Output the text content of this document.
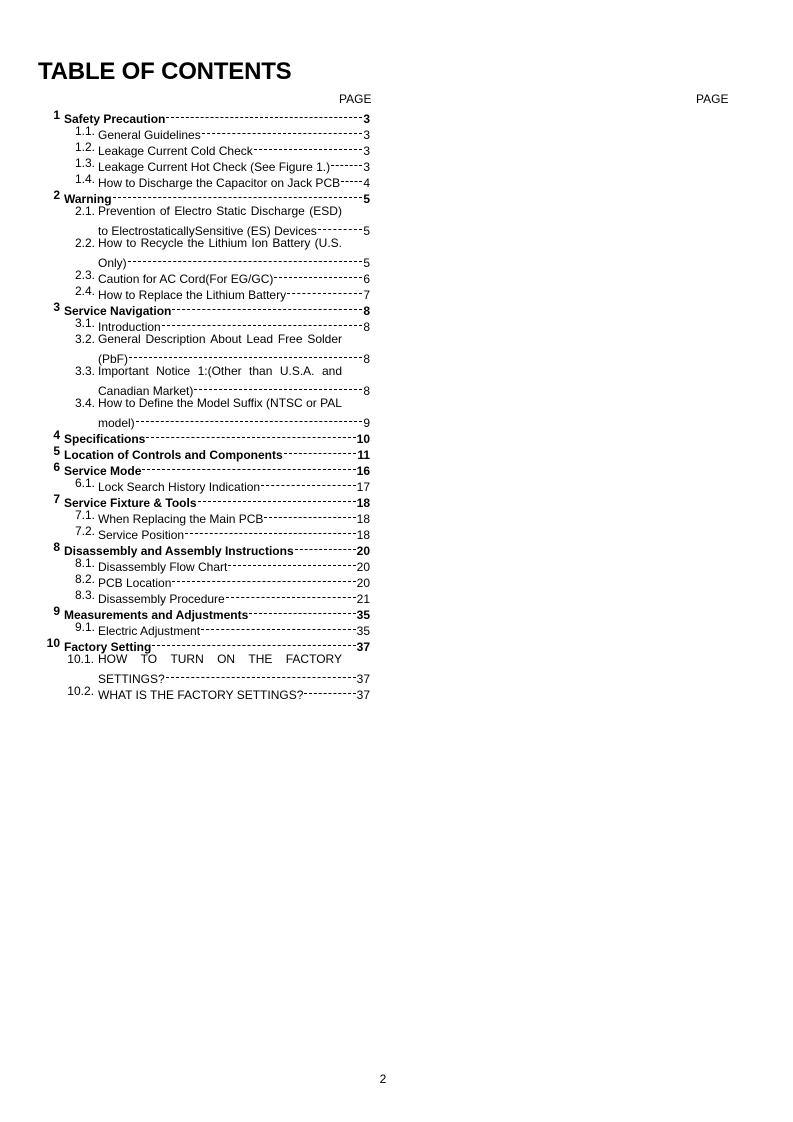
TABLE OF CONTENTS
PAGE	PAGE
1 Safety Precaution	3
1.1. General Guidelines	3
1.2. Leakage Current Cold Check	3
1.3. Leakage Current Hot Check (See Figure 1.)	3
1.4. How to Discharge the Capacitor on Jack PCB 4
2 Warning	5
2.1. Prevention of Electro Static Discharge (ESD)
to ElectrostaticallySensitive (ES) Devices	5
2.2. How to Recycle the Lithium Ion Battery (U.S.
Only)	5
2.3. Caution for AC Cord(For EG/GC)	6
2.4. How to Replace the Lithium Battery	7
3 Service Navigation	8
3.1. Introduction	8
3.2. General Description About Lead Free Solder
(PbF)	8
3.3. Important Notice 1:(Other than U.S.A. and
Canadian Market)	8
3.4. How to Define the Model Suffix (NTSC or PAL
model)	9
4 Specifications	10
5 Location of Controls and Components	11
6 Service Mode	16
6.1. Lock Search History Indication	17
7 Service Fixture & Tools	18
7.1. When Replacing the Main PCB	18
7.2. Service Position	18
8 Disassembly and Assembly Instructions	20
8.1. Disassembly Flow Chart	20
8.2. PCB Location	20
8.3. Disassembly Procedure	21
9 Measurements and Adjustments	35
9.1. Electric Adjustment	35
10 Factory Setting	37
10.1. HOW TO TURN ON THE FACTORY
SETTINGS?	37
10.2. WHAT IS THE FACTORY SETTINGS?	37
2
